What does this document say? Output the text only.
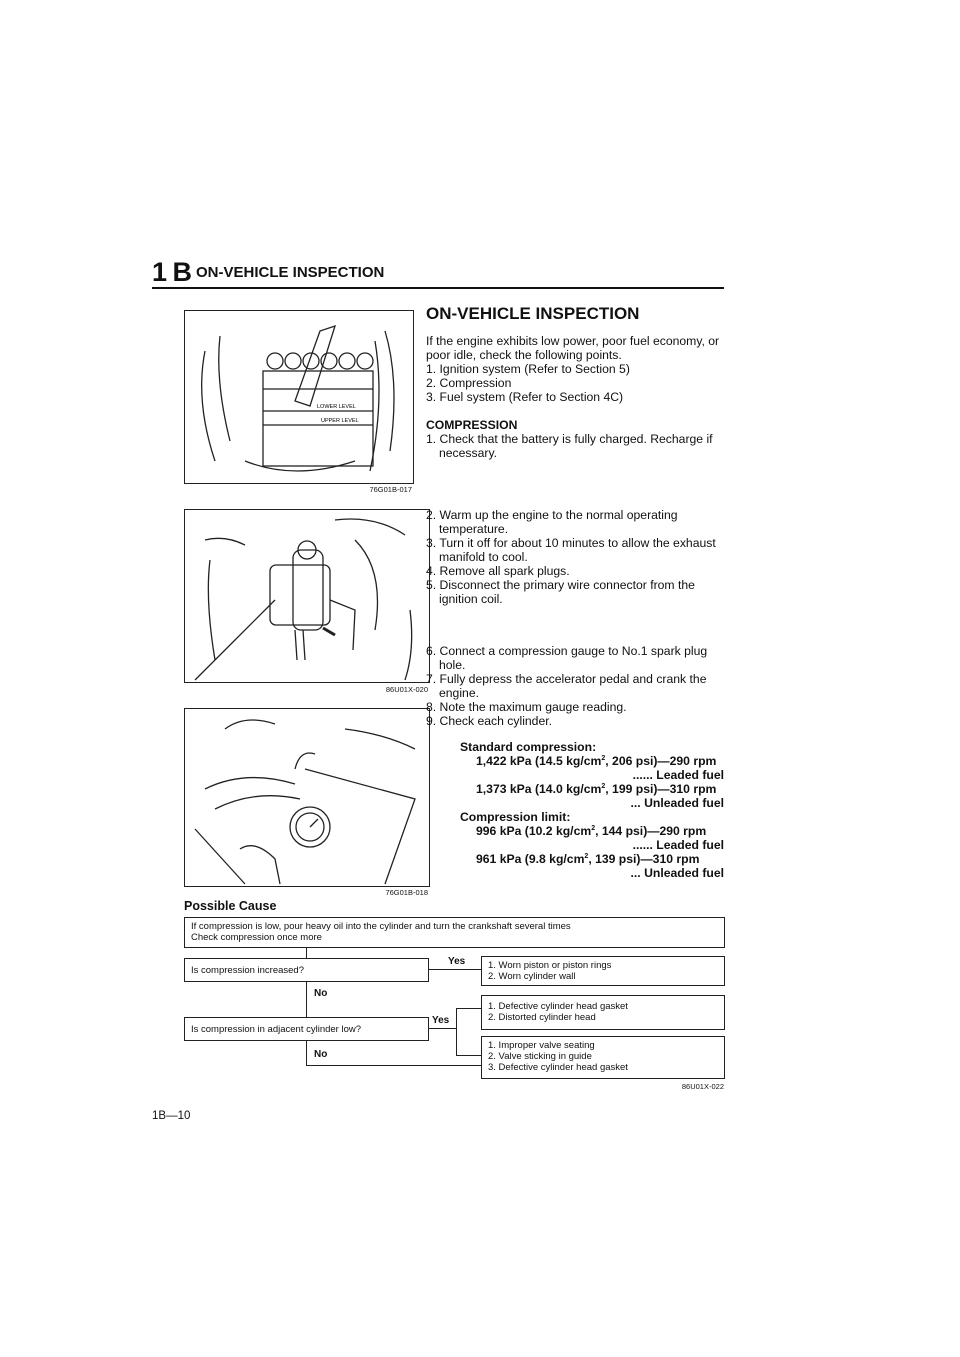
1 B ON-VEHICLE INSPECTION
LOWER LEVEL
UPPER LEVEL
76G01B-017
86U01X-020
76G01B-018
ON-VEHICLE INSPECTION

If the engine exhibits low power, poor fuel economy, or poor idle, check the following points.

1. Ignition system (Refer to Section 5)
2. Compression
3. Fuel system (Refer to Section 4C)
COMPRESSION
1. Check that the battery is fully charged. Recharge if necessary.
2. Warm up the engine to the normal operating temperature.
3. Turn it off for about 10 minutes to allow the exhaust manifold to cool.
4. Remove all spark plugs.
5. Disconnect the primary wire connector from the ignition coil.
6. Connect a compression gauge to No.1 spark plug hole.
7. Fully depress the accelerator pedal and crank the engine.
8. Note the maximum gauge reading.
9. Check each cylinder.
Standard compression:
1,422 kPa (14.5 $kg/cm^2$, 206 psi)—290 rpm
...... Leaded fuel
1,373 kPa (14.0 $kg/cm^2$, 199 psi)—310 rpm
... Unleaded fuel
Compression limit:
996 kPa (10.2 $kg/cm^2$, 144 psi)—290 rpm
...... Leaded fuel
961 kPa (9.8 $kg/cm^2$, 139 psi)—310 rpm
... Unleaded fuel
Possible Cause
If compression is low, pour heavy oil into the cylinder and turn the crankshaft several times
Check compression once more
Is compression increased?
Yes 1. Worn piston or piston rings
2. Worn cylinder wall
No
Is compression in adjacent cylinder low?
Yes
1. Defective cylinder head gasket
2. Distorted cylinder head
No
1. Improper valve seating
2. Valve sticking in guide
3. Defective cylinder head gasket
86U01X-022
1B—10
